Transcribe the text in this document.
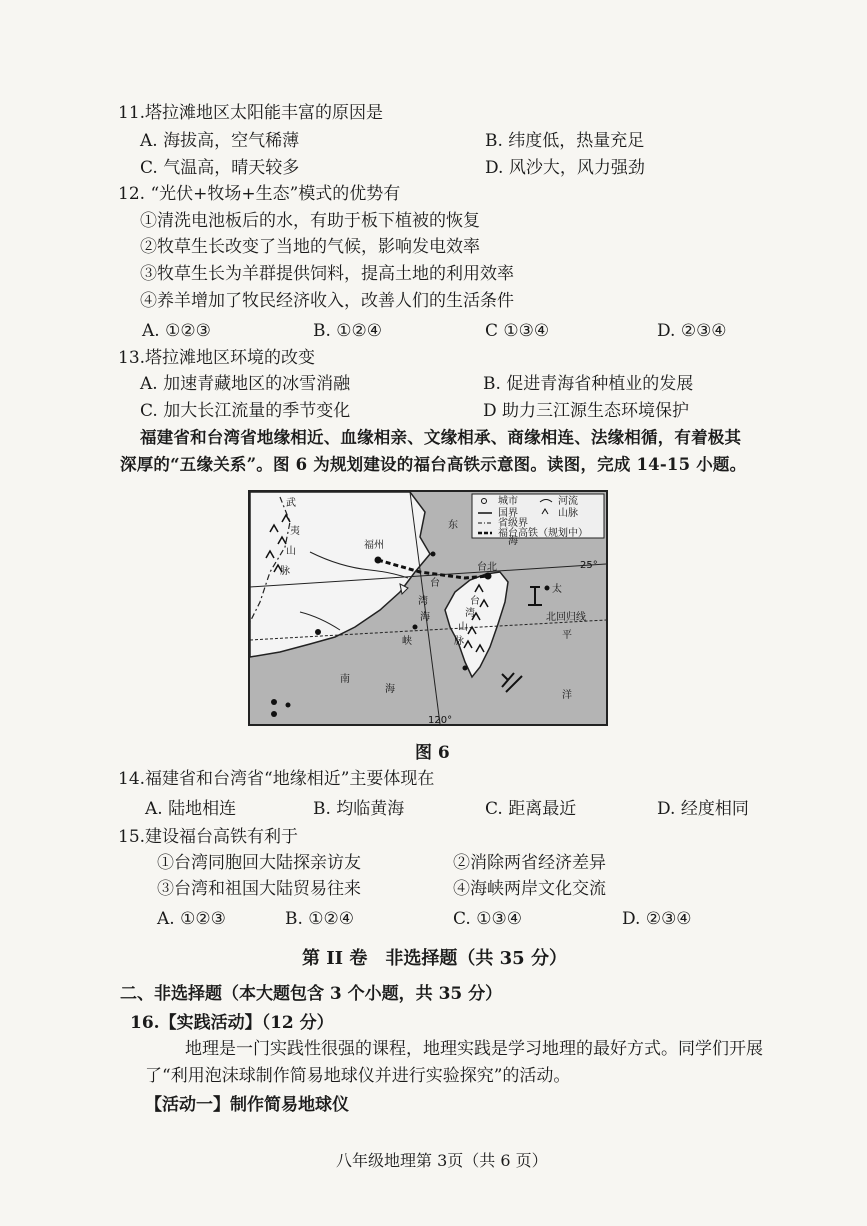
11.塔拉滩地区太阳能丰富的原因是
A. 海拔高，空气稀薄	B. 纬度低，热量充足
C. 气温高，晴天较多	D. 风沙大，风力强劲
12. “光伏+牧场+生态”模式的优势有
①清洗电池板后的水，有助于板下植被的恢复
②牧草生长改变了当地的气候，影响发电效率
③牧草生长为羊群提供饲料，提高土地的利用效率
④养羊增加了牧民经济收入，改善人们的生活条件
A. ①②③	B. ①②④	C ①③④	D. ②③④
13.塔拉滩地区环境的改变
A. 加速青藏地区的冰雪消融	B. 促进青海省种植业的发展
C. 加大长江流量的季节变化	D 助力三江源生态环境保护
福建省和台湾省地缘相近、血缘相亲、文缘相承、商缘相连、法缘相循，有着极其
深厚的“五缘关系”。图 6 为规划建设的福台高铁示意图。读图，完成 14-15 小题。
城市	河流
国界	山脉
省级界
福台高铁（规划中）
武
夷
山
脉
福州
台北
台
东
海
湾
海
峡
南
海
台
湾
山
脉
太
平
洋
25°
北回归线
120°
图 6
14.福建省和台湾省“地缘相近”主要体现在
A. 陆地相连	B. 均临黄海	C. 距离最近	D. 经度相同
15.建设福台高铁有利于
①台湾同胞回大陆探亲访友	②消除两省经济差异
③台湾和祖国大陆贸易往来	④海峡两岸文化交流
A. ①②③	B. ①②④	C. ①③④	D. ②③④
第 II 卷　非选择题（共 35 分）
二、非选择题（本大题包含 3 个小题，共 35 分）
16.【实践活动】（12 分）
地理是一门实践性很强的课程，地理实践是学习地理的最好方式。同学们开展
了“利用泡沫球制作简易地球仪并进行实验探究”的活动。
【活动一】制作简易地球仪
八年级地理第 3页（共 6 页）
